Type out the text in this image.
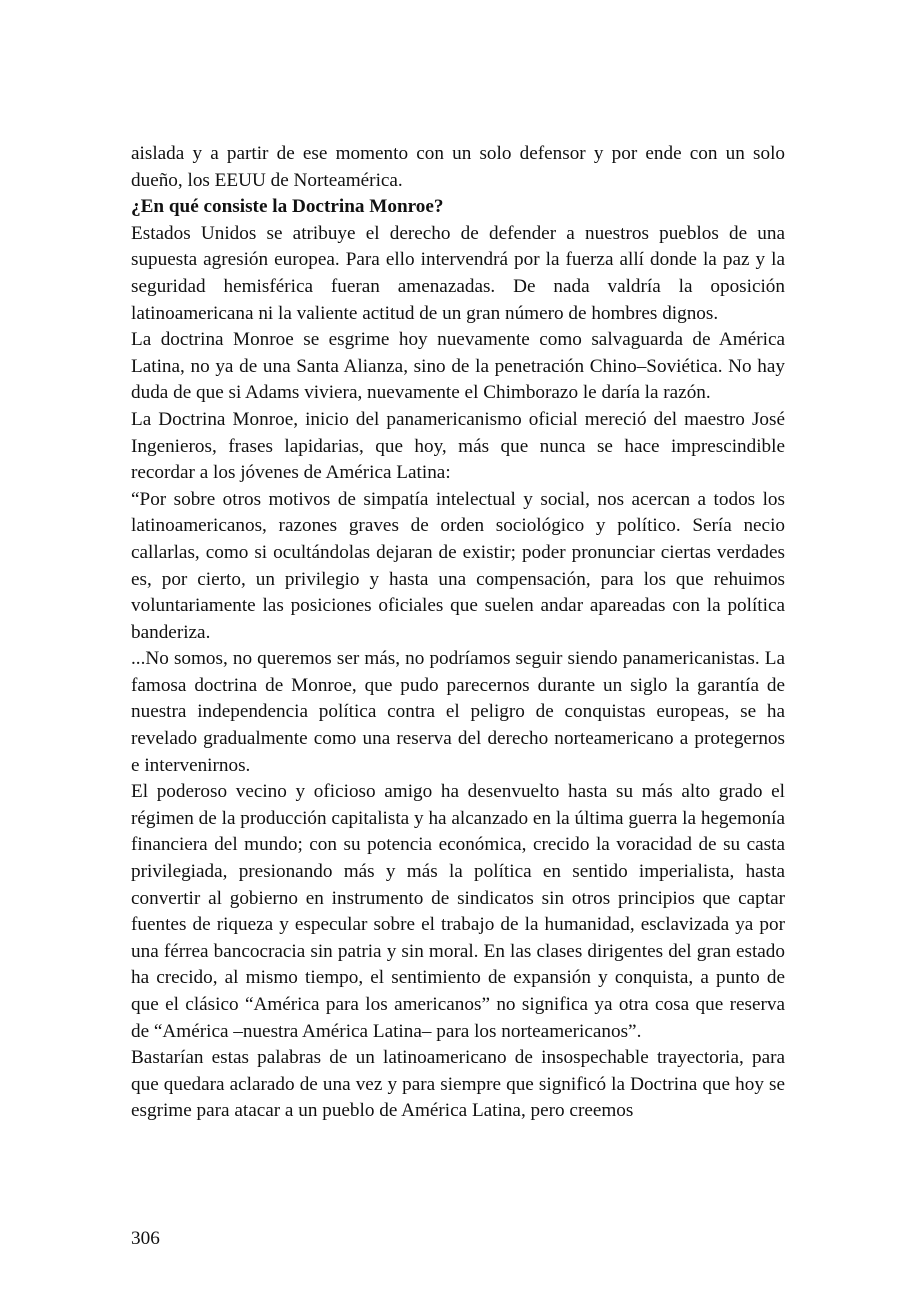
aislada y a partir de ese momento con un solo defensor y por ende con un solo dueño, los EEUU de Norteamérica.

¿En qué consiste la Doctrina Monroe?

Estados Unidos se atribuye el derecho de defender a nuestros pueblos de una supuesta agresión europea. Para ello intervendrá por la fuerza allí donde la paz y la seguridad hemisférica fueran amenazadas. De nada valdría la oposición latinoamericana ni la valiente actitud de un gran número de hombres dignos.

La doctrina Monroe se esgrime hoy nuevamente como salvaguarda de América Latina, no ya de una Santa Alianza, sino de la penetración Chino–Soviética. No hay duda de que si Adams viviera, nuevamente el Chimborazo le daría la razón.

La Doctrina Monroe, inicio del panamericanismo oficial mereció del maestro José Ingenieros, frases lapidarias, que hoy, más que nunca se hace imprescindible recordar a los jóvenes de América Latina:

“Por sobre otros motivos de simpatía intelectual y social, nos acercan a todos los latinoamericanos, razones graves de orden sociológico y político. Sería necio callarlas, como si ocultándolas dejaran de existir; poder pronunciar ciertas verdades es, por cierto, un privilegio y hasta una compensación, para los que rehuimos voluntariamente las posiciones oficiales que suelen andar apareadas con la política banderiza.

...No somos, no queremos ser más, no podríamos seguir siendo panamericanistas. La famosa doctrina de Monroe, que pudo parecernos durante un siglo la garantía de nuestra independencia política contra el peligro de conquistas europeas, se ha revelado gradualmente como una reserva del derecho norteamericano a protegernos e intervenirnos.

El poderoso vecino y oficioso amigo ha desenvuelto hasta su más alto grado el régimen de la producción capitalista y ha alcanzado en la última guerra la hegemonía financiera del mundo; con su potencia económica, crecido la voracidad de su casta privilegiada, presionando más y más la política en sentido imperialista, hasta convertir al gobierno en instrumento de sindicatos sin otros principios que captar fuentes de riqueza y especular sobre el trabajo de la humanidad, esclavizada ya por una férrea bancocracia sin patria y sin moral. En las clases dirigentes del gran estado ha crecido, al mismo tiempo, el sentimiento de expansión y conquista, a punto de que el clásico “América para los americanos” no significa ya otra cosa que reserva de “América –nuestra América Latina– para los norteamericanos”.

Bastarían estas palabras de un latinoamericano de insospechable trayectoria, para que quedara aclarado de una vez y para siempre que significó la Doctrina que hoy se esgrime para atacar a un pueblo de América Latina, pero creemos

306
